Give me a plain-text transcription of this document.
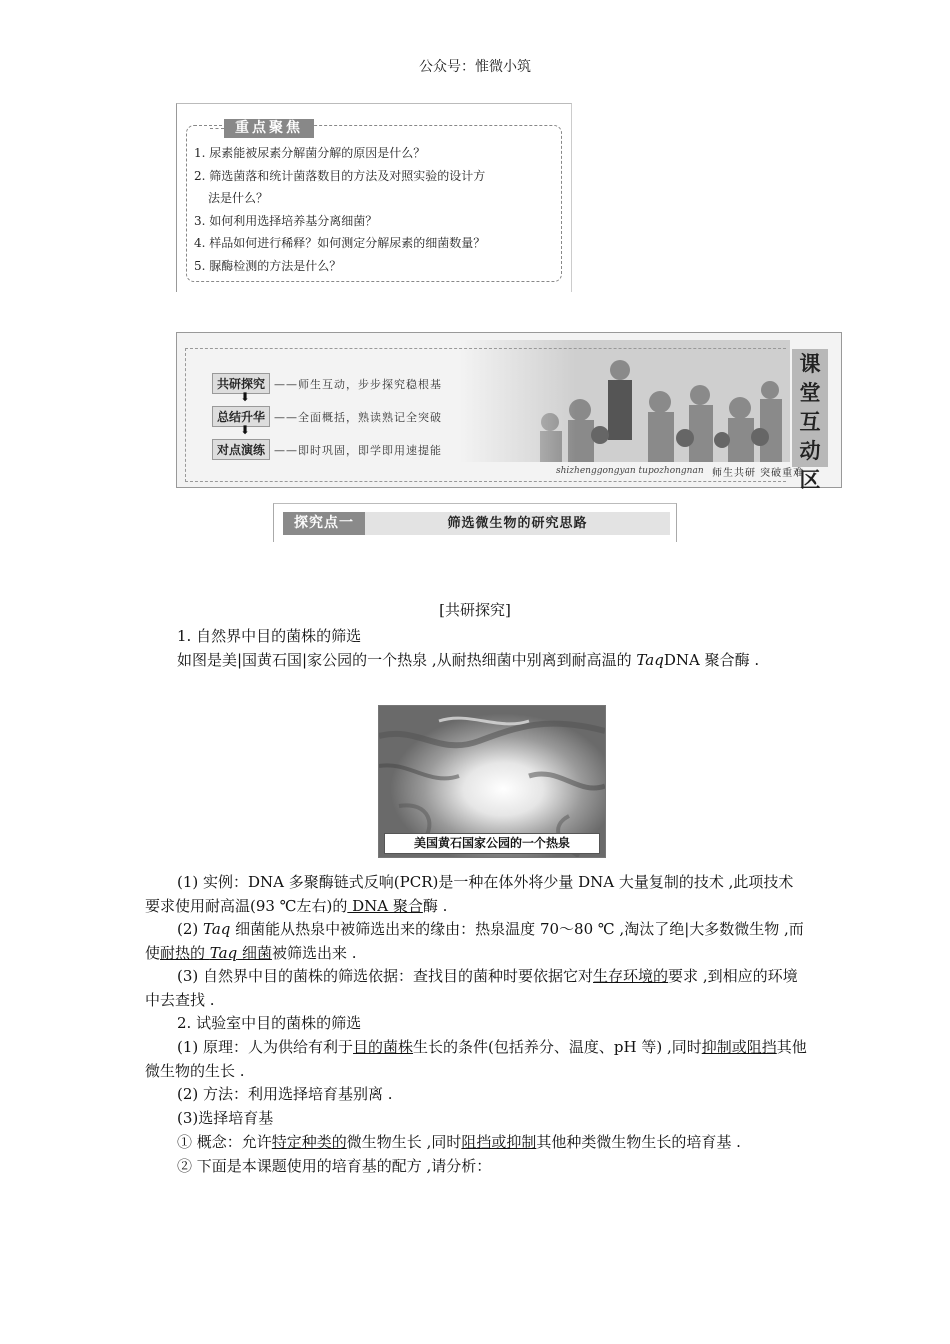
公众号：惟微小筑
重点聚焦
1. 尿素能被尿素分解菌分解的原因是什么？
2. 筛选菌落和统计菌落数目的方法及对照实验的设计方
法是什么？
3. 如何利用选择培养基分离细菌？
4. 样品如何进行稀释？如何测定分解尿素的细菌数量？
5. 脲酶检测的方法是什么？
共研探究 ——师生互动，步步探究稳根基
⬇
总结升华 ——全面概括，熟读熟记全突破
⬇
对点演练 ——即时巩固，即学即用速提能
课
堂
互
动
区
shizhenggongyan tupozhongnan 师生共研 突破重难
探究点一	筛选微生物的研究思路
[共研探究]
1. 自然界中目的菌株的筛选
如图是美|国黄石国|家公园的一个热泉 ,从耐热细菌中别离到耐高温的 TaqDNA 聚合酶 .
美国黄石国家公园的一个热泉
(1) 实例：DNA 多聚酶链式反响(PCR)是一种在体外将少量 DNA 大量复制的技术 ,此项技术要求使用耐高温(93 ℃左右)的 DNA 聚合酶 .
(2) Taq 细菌能从热泉中被筛选出来的缘由：热泉温度 70～80 ℃ ,淘汰了绝|大多数微生物 ,而使耐热的 Taq 细菌被筛选出来 .
(3) 自然界中目的菌株的筛选依据：查找目的菌种时要依据它对生存环境的要求 ,到相应的环境中去查找 .
2. 试验室中目的菌株的筛选
(1) 原理：人为供给有利于目的菌株生长的条件(包括养分、温度、pH 等) ,同时抑制或阻挡其他微生物的生长 .
(2) 方法：利用选择培育基别离 .
(3)选择培育基
① 概念：允许特定种类的微生物生长 ,同时阻挡或抑制其他种类微生物生长的培育基 .
② 下面是本课题使用的培育基的配方 ,请分析：
